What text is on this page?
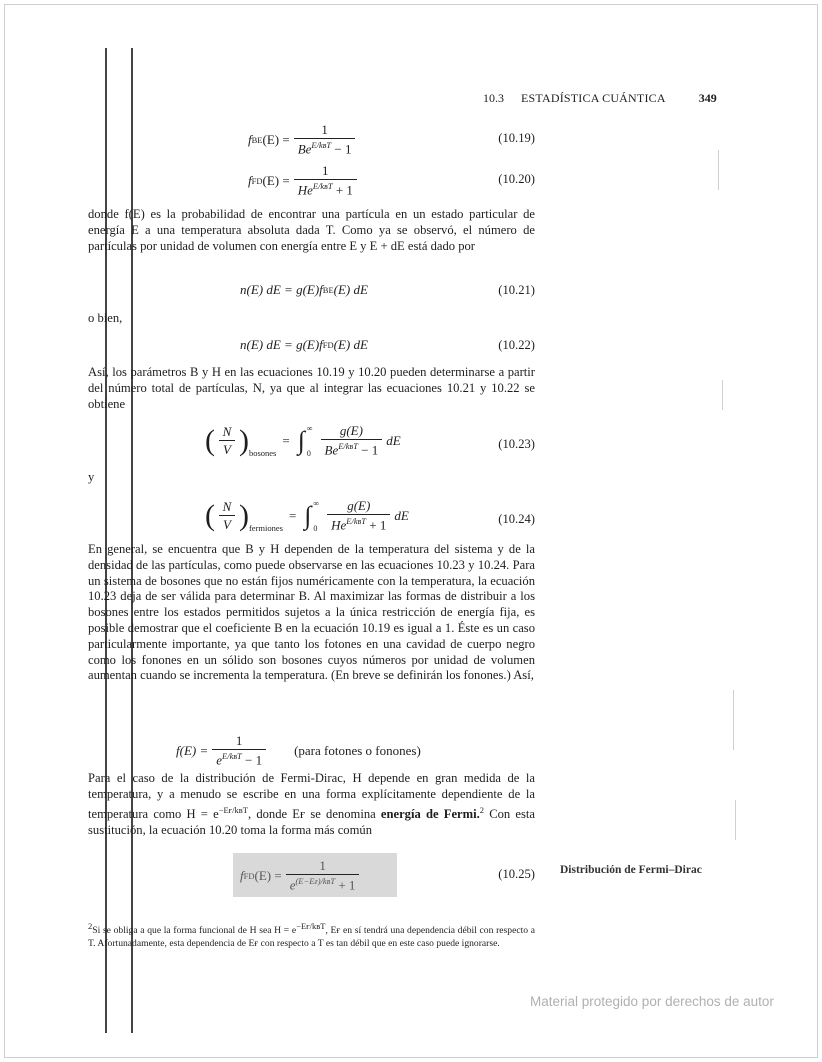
10.3 ESTADÍSTICA CUÁNTICA	349
f BE $(E) = \frac{1}{Be^{E/kʙT} - 1}$	(10.19)
f FD $(E) = \frac{1}{He^{E/kʙT} + 1}$	(10.20)
donde f(E) es la probabilidad de encontrar una partícula en un estado particular de energía E a una temperatura absoluta dada T. Como ya se observó, el número de partículas por unidad de volumen con energía entre E y E + dE está dado por
n(E) dE = g(E)f BE (E) dE	(10.21)
o bien,
n(E) dE = g(E)f FD (E) dE	(10.22)
Así, los parámetros B y H en las ecuaciones 10.19 y 10.20 pueden determinarse a partir del número total de partículas, N, ya que al integrar las ecuaciones 10.21 y 10.22 se obtiene
( $\frac{N}{V} )_{bosones}$
= ∫ ∞
$0 \frac{g(E)}{Be^{E/kʙT} - 1}$ dE	(10.23)
y
( $\frac{N}{V} )_{fermiones}$
= ∫ ∞
$0 \frac{g(E)}{He^{E/kʙT} + 1}$ dE	(10.24)
En general, se encuentra que B y H dependen de la temperatura del sistema y de la densidad de las partículas, como puede observarse en las ecuaciones 10.23 y 10.24. Para un sistema de bosones que no están fijos numéricamente con la temperatura, la ecuación 10.23 deja de ser válida para determinar B. Al maximizar las formas de distribuir a los bosones entre los estados permitidos sujetos a la única restricción de energía fija, es posible demostrar que el coeficiente B en la ecuación 10.19 es igual a 1. Éste es un caso particularmente importante, ya que tanto los fotones en una cavidad de cuerpo negro como los fonones en un sólido son bosones cuyos números por unidad de volumen aumentan cuando se incrementa la temperatura. (En breve se definirán los fonones.) Así,
$f(E) = \frac{1}{e^{E/kʙT} - 1}$ (para fotones o fonones)
Para el caso de la distribución de Fermi-Dirac, H depende en gran medida de la temperatura, y a menudo se escribe en una forma explícitamente dependiente de la temperatura como $H = e^{-Eғ/kʙT}$, donde Eғ se denomina energía de Fermi.$^2$ Con esta sustitución, la ecuación 10.20 toma la forma más común
f FD $(E) = \frac{1}{e^{(E-Eғ)/kʙT} + 1}$	(10.25) Distribución de Fermi–Dirac
$^2$Si se obliga a que la forma funcional de H sea $H = e^{-Eғ/kʙT}$, Eғ en sí tendrá una dependencia débil con respecto a T. Afortunadamente, esta dependencia de Eғ con respecto a T es tan débil que en este caso puede ignorarse.
Material protegido por derechos de autor
